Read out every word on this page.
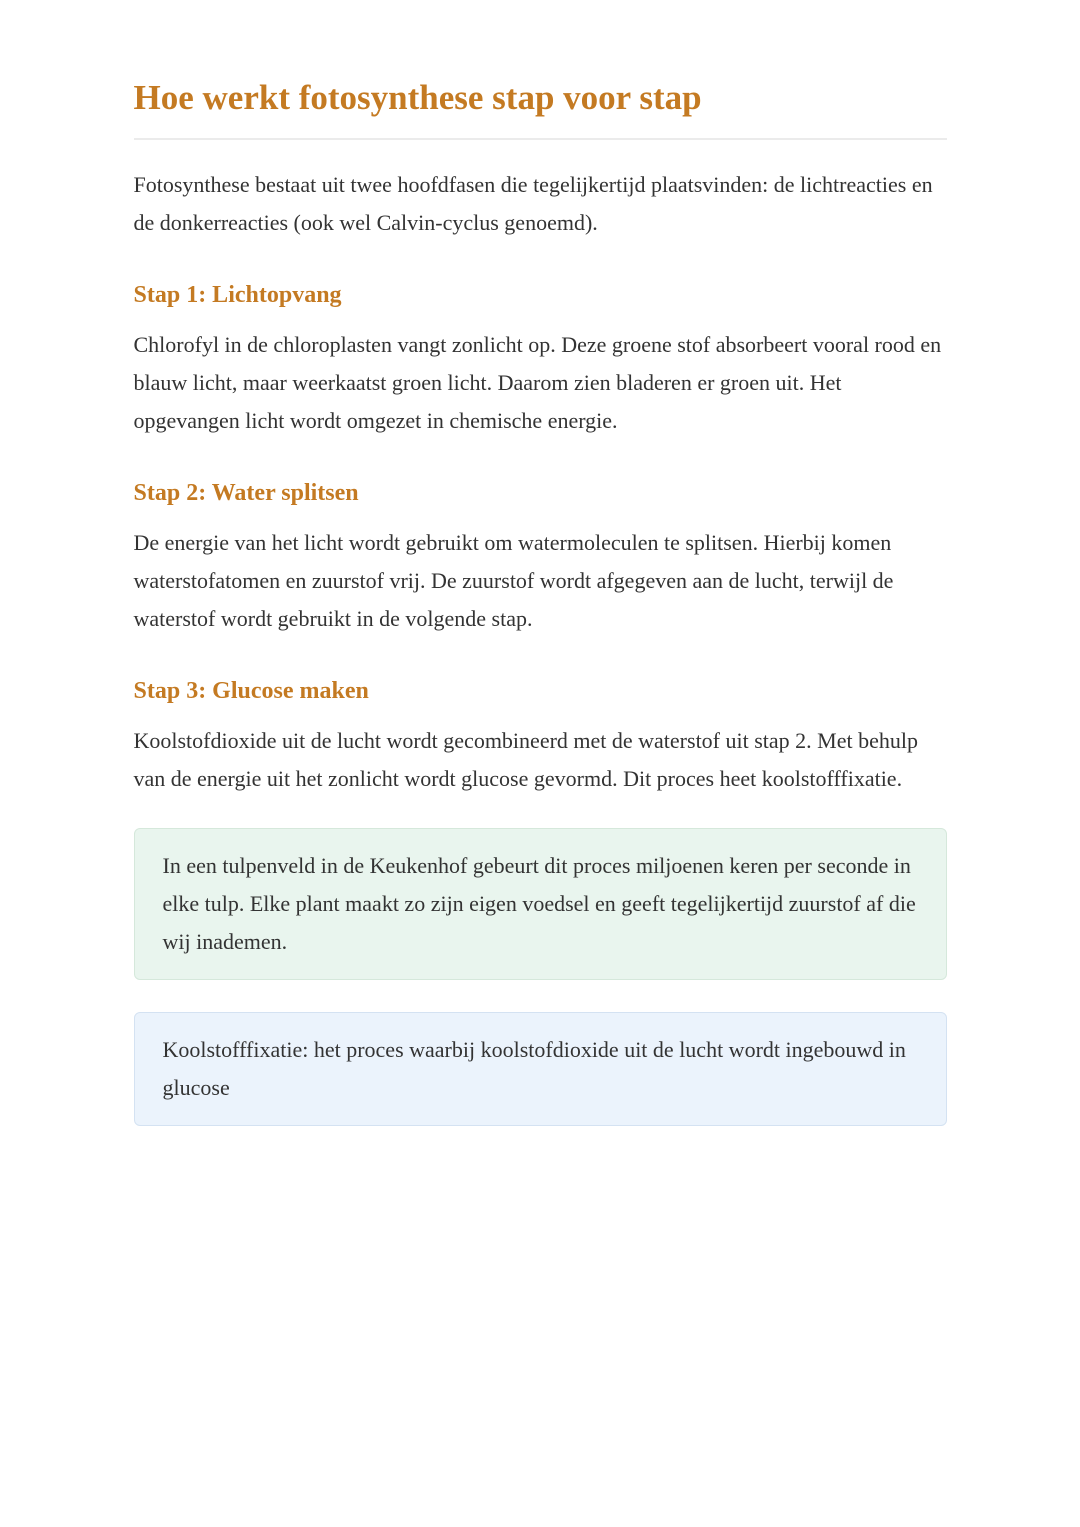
Hoe werkt fotosynthese stap voor stap

Fotosynthese bestaat uit twee hoofdfasen die tegelijkertijd plaatsvinden: de lichtreacties en de donkerreacties (ook wel Calvin-cyclus genoemd).

Stap 1: Lichtopvang

Chlorofyl in de chloroplasten vangt zonlicht op. Deze groene stof absorbeert vooral rood en blauw licht, maar weerkaatst groen licht. Daarom zien bladeren er groen uit. Het opgevangen licht wordt omgezet in chemische energie.

Stap 2: Water splitsen

De energie van het licht wordt gebruikt om watermoleculen te splitsen. Hierbij komen waterstofatomen en zuurstof vrij. De zuurstof wordt afgegeven aan de lucht, terwijl de waterstof wordt gebruikt in de volgende stap.

Stap 3: Glucose maken

Koolstofdioxide uit de lucht wordt gecombineerd met de waterstof uit stap 2. Met behulp van de energie uit het zonlicht wordt glucose gevormd. Dit proces heet koolstofffixatie.

In een tulpenveld in de Keukenhof gebeurt dit proces miljoenen keren per seconde in elke tulp. Elke plant maakt zo zijn eigen voedsel en geeft tegelijkertijd zuurstof af die wij inademen.

Koolstofffixatie: het proces waarbij koolstofdioxide uit de lucht wordt ingebouwd in glucose
